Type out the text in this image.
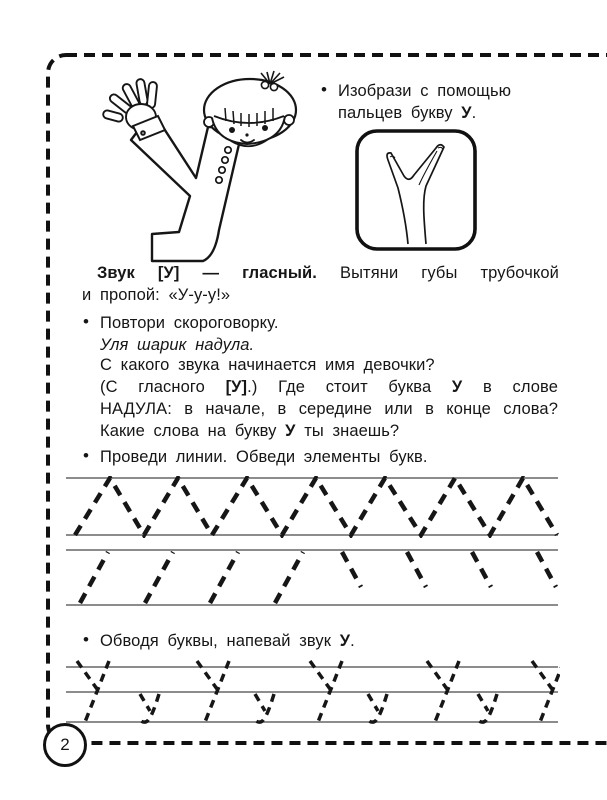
• Изобрази с помощью
пальцев букву У.
Звук [У] — гласный. Вытяни губы трубочкой
и пропой: «У-у-у!»
• Повтори скороговорку.
Уля шарик надула.
С какого звука начинается имя девочки?
(С гласного [У].) Где стоит буква У в слове
НАДУЛА: в начале, в середине или в конце слова?
Какие слова на букву У ты знаешь?
• Проведи линии. Обведи элементы букв.
• Обводя буквы, напевай звук У.
2
